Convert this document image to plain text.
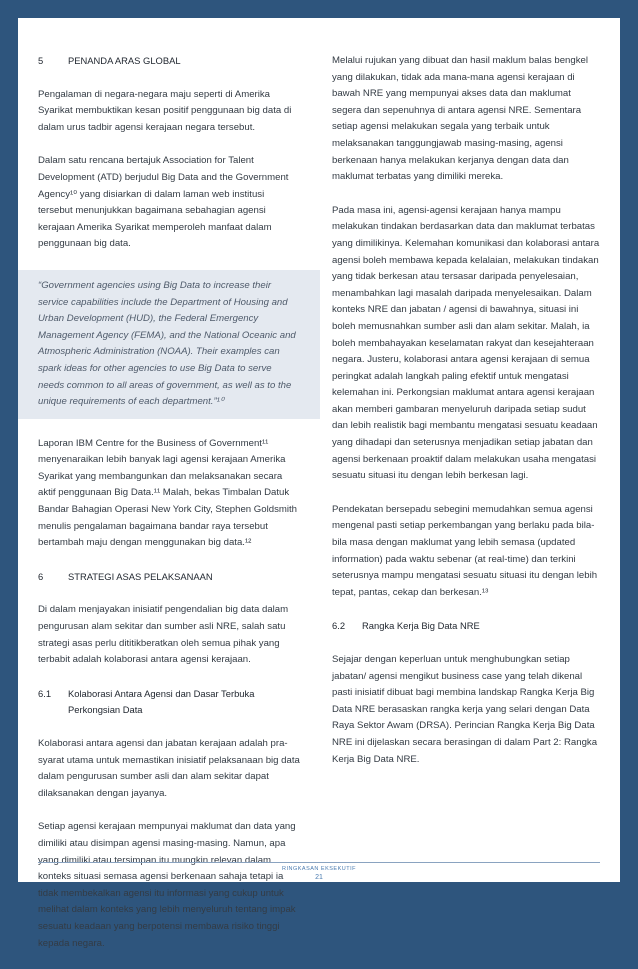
5	PENANDA ARAS GLOBAL

Pengalaman di negara-negara maju seperti di Amerika Syarikat membuktikan kesan positif penggunaan big data di dalam urus tadbir agensi kerajaan negara tersebut.

Dalam satu rencana bertajuk Association for Talent Development (ATD) berjudul Big Data and the Government Agency¹⁰ yang disiarkan di dalam laman web institusi tersebut menunjukkan bagaimana sebahagian agensi kerajaan Amerika Syarikat memperoleh manfaat dalam penggunaan big data.

“Government agencies using Big Data to increase their service capabilities include the Department of Housing and Urban Development (HUD), the Federal Emergency Management Agency (FEMA), and the National Oceanic and Atmospheric Administration (NOAA). Their examples can spark ideas for other agencies to use Big Data to serve needs common to all areas of government, as well as to the unique requirements of each department.”¹⁰

Laporan IBM Centre for the Business of Government¹¹ menyenaraikan lebih banyak lagi agensi kerajaan Amerika Syarikat yang membangunkan dan melaksanakan secara aktif penggunaan Big Data.¹¹ Malah, bekas Timbalan Datuk Bandar Bahagian Operasi New York City, Stephen Goldsmith menulis pengalaman bagaimana bandar raya tersebut bertambah maju dengan menggunakan big data.¹²

6	STRATEGI ASAS PELAKSANAAN

Di dalam menjayakan inisiatif pengendalian big data dalam pengurusan alam sekitar dan sumber asli NRE, salah satu strategi asas perlu dititikberatkan oleh semua pihak yang terbabit adalah kolaborasi antara agensi kerajaan.

6.1	Kolaborasi Antara Agensi dan Dasar Terbuka Perkongsian Data

Kolaborasi antara agensi dan jabatan kerajaan adalah pra-syarat utama untuk memastikan inisiatif pelaksanaan big data dalam pengurusan sumber asli dan alam sekitar dapat dilaksanakan dengan jayanya.

Setiap agensi kerajaan mempunyai maklumat dan data yang dimiliki atau disimpan agensi masing-masing. Namun, apa yang dimiliki atau tersimpan itu mungkin relevan dalam konteks situasi semasa agensi berkenaan sahaja tetapi ia tidak membekalkan agensi itu informasi yang cukup untuk melihat dalam konteks yang lebih menyeluruh tentang impak sesuatu keadaan yang berpotensi membawa risiko tinggi kepada negara.

Melalui rujukan yang dibuat dan hasil maklum balas bengkel yang dilakukan, tidak ada mana-mana agensi kerajaan di bawah NRE yang mempunyai akses data dan maklumat segera dan sepenuhnya di antara agensi NRE. Sementara setiap agensi melakukan segala yang terbaik untuk melaksanakan tanggungjawab masing-masing, agensi berkenaan hanya melakukan kerjanya dengan data dan maklumat terbatas yang dimiliki mereka.

Pada masa ini, agensi-agensi kerajaan hanya mampu melakukan tindakan berdasarkan data dan maklumat terbatas yang dimilikinya. Kelemahan komunikasi dan kolaborasi antara agensi boleh membawa kepada kelalaian, melakukan tindakan yang tidak berkesan atau tersasar daripada penyelesaian, menambahkan lagi masalah daripada menyelesaikan. Dalam konteks NRE dan jabatan / agensi di bawahnya, situasi ini boleh memusnahkan sumber asli dan alam sekitar. Malah, ia boleh membahayakan keselamatan rakyat dan kesejahteraan negara. Justeru, kolaborasi antara agensi kerajaan di semua peringkat adalah langkah paling efektif untuk mengatasi kelemahan ini. Perkongsian maklumat antara agensi kerajaan akan memberi gambaran menyeluruh daripada setiap sudut dan lebih realistik bagi membantu mengatasi sesuatu keadaan yang dihadapi dan seterusnya menjadikan setiap jabatan dan agensi berkenaan proaktif dalam melakukan usaha mengatasi sesuatu situasi itu dengan lebih berkesan lagi.

Pendekatan bersepadu sebegini memudahkan semua agensi mengenal pasti setiap perkembangan yang berlaku pada bila-bila masa dengan maklumat yang lebih semasa (updated information) pada waktu sebenar (at real-time) dan terkini seterusnya mampu mengatasi sesuatu situasi itu dengan lebih tepat, pantas, cekap dan berkesan.¹³

6.2	Rangka Kerja Big Data NRE

Sejajar dengan keperluan untuk menghubungkan setiap jabatan/ agensi mengikut business case yang telah dikenal pasti inisiatif dibuat bagi membina landskap Rangka Kerja Big Data NRE berasaskan rangka kerja yang selari dengan Data Raya Sektor Awam (DRSA). Perincian Rangka Kerja Big Data NRE ini dijelaskan secara berasingan di dalam Part 2: Rangka Kerja Big Data NRE.

RINGKASAN EKSEKUTIF
21
